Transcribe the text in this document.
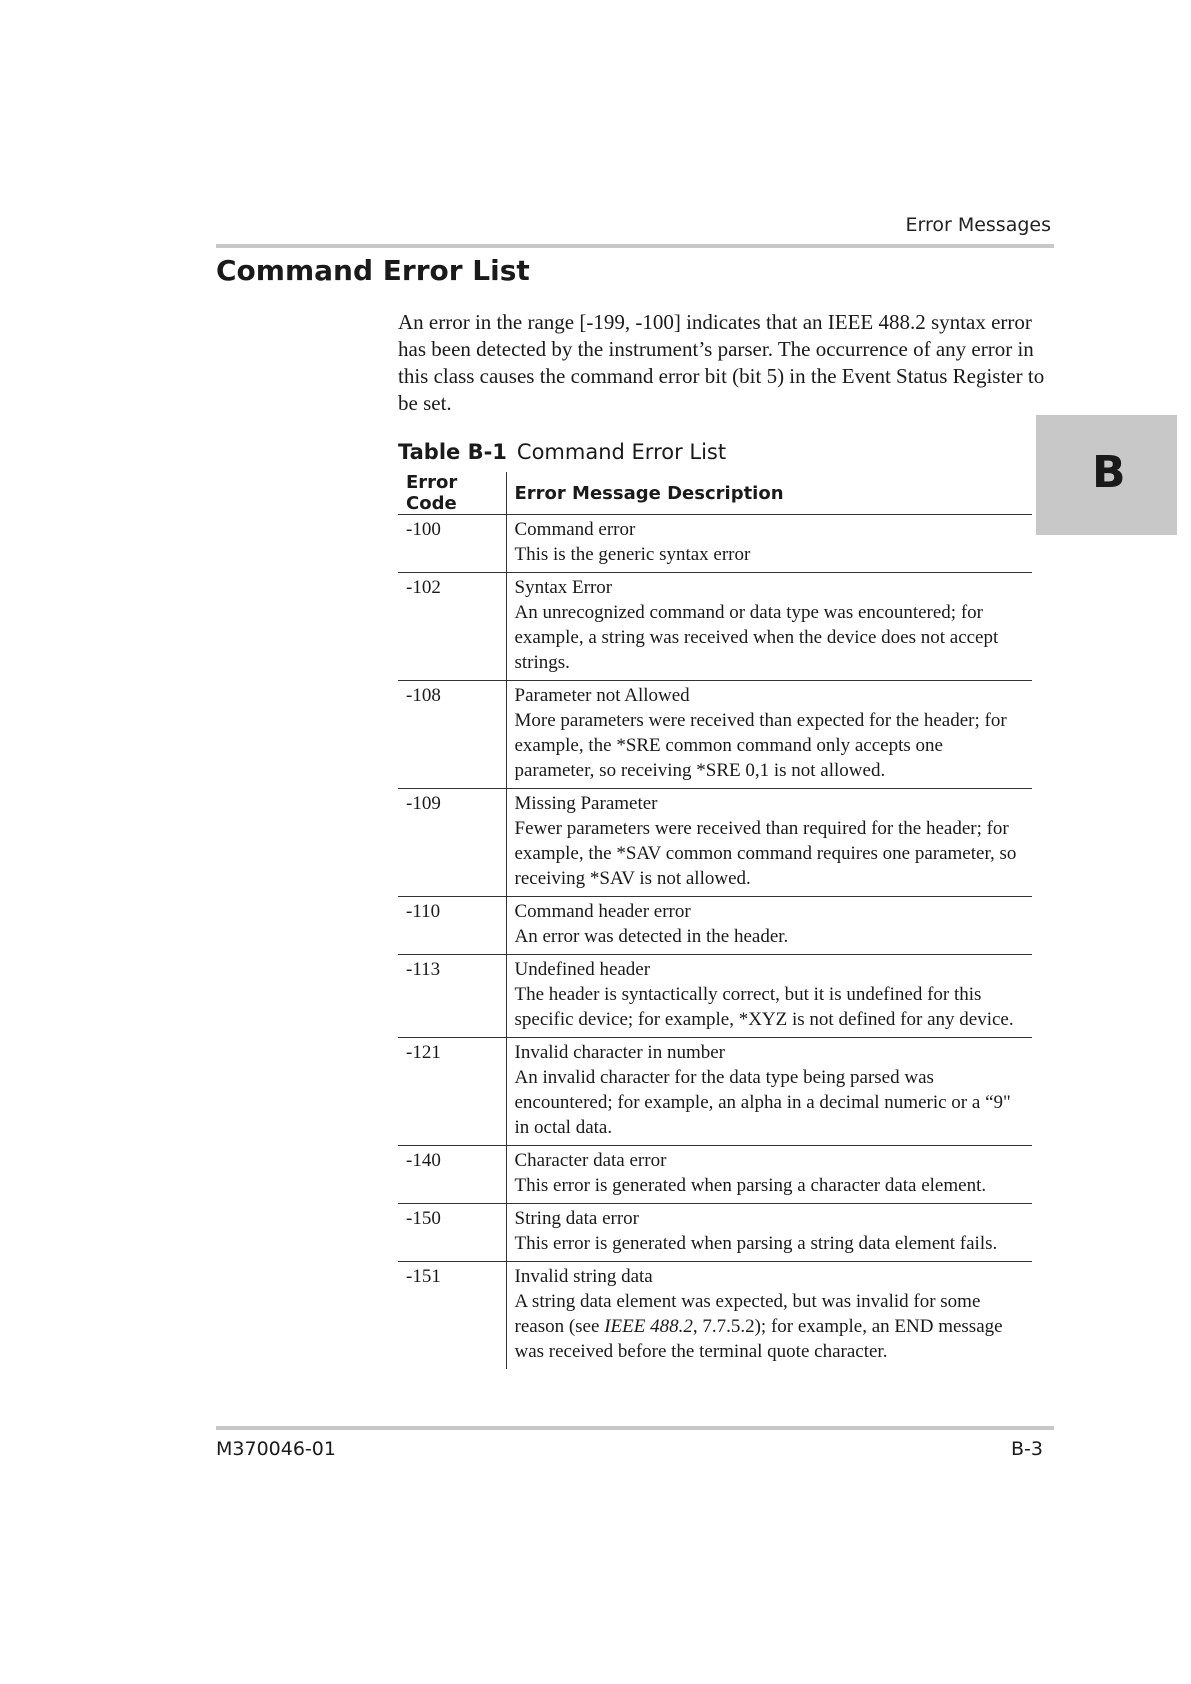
Error Messages
Command Error List

An error in the range [-199, -100] indicates that an IEEE 488.2 syntax error has been detected by the instrument’s parser. The occurrence of any error in this class causes the command error bit (bit 5) in the Event Status Register to be set.

B
Table B-1 Command Error List
Error Code	Error Message Description
-100	Command error
This is the generic syntax error

-102	Syntax Error
An unrecognized command or data type was encountered; for example, a string was received when the device does not accept strings.

-108	Parameter not Allowed
More parameters were received than expected for the header; for example, the *SRE common command only accepts one parameter, so receiving *SRE 0,1 is not allowed.

-109	Missing Parameter
Fewer parameters were received than required for the header; for example, the *SAV common command requires one parameter, so receiving *SAV is not allowed.

-110	Command header error
An error was detected in the header.

-113	Undefined header
The header is syntactically correct, but it is undefined for this specific device; for example, *XYZ is not defined for any device.

-121	Invalid character in number
An invalid character for the data type being parsed was encountered; for example, an alpha in a decimal numeric or a “9" in octal data.

-140	Character data error
This error is generated when parsing a character data element.

-150	String data error
This error is generated when parsing a string data element fails.

-151	Invalid string data
A string data element was expected, but was invalid for some reason (see IEEE 488.2, 7.7.5.2); for example, an END message was received before the terminal quote character.
M370046-01	B-3
